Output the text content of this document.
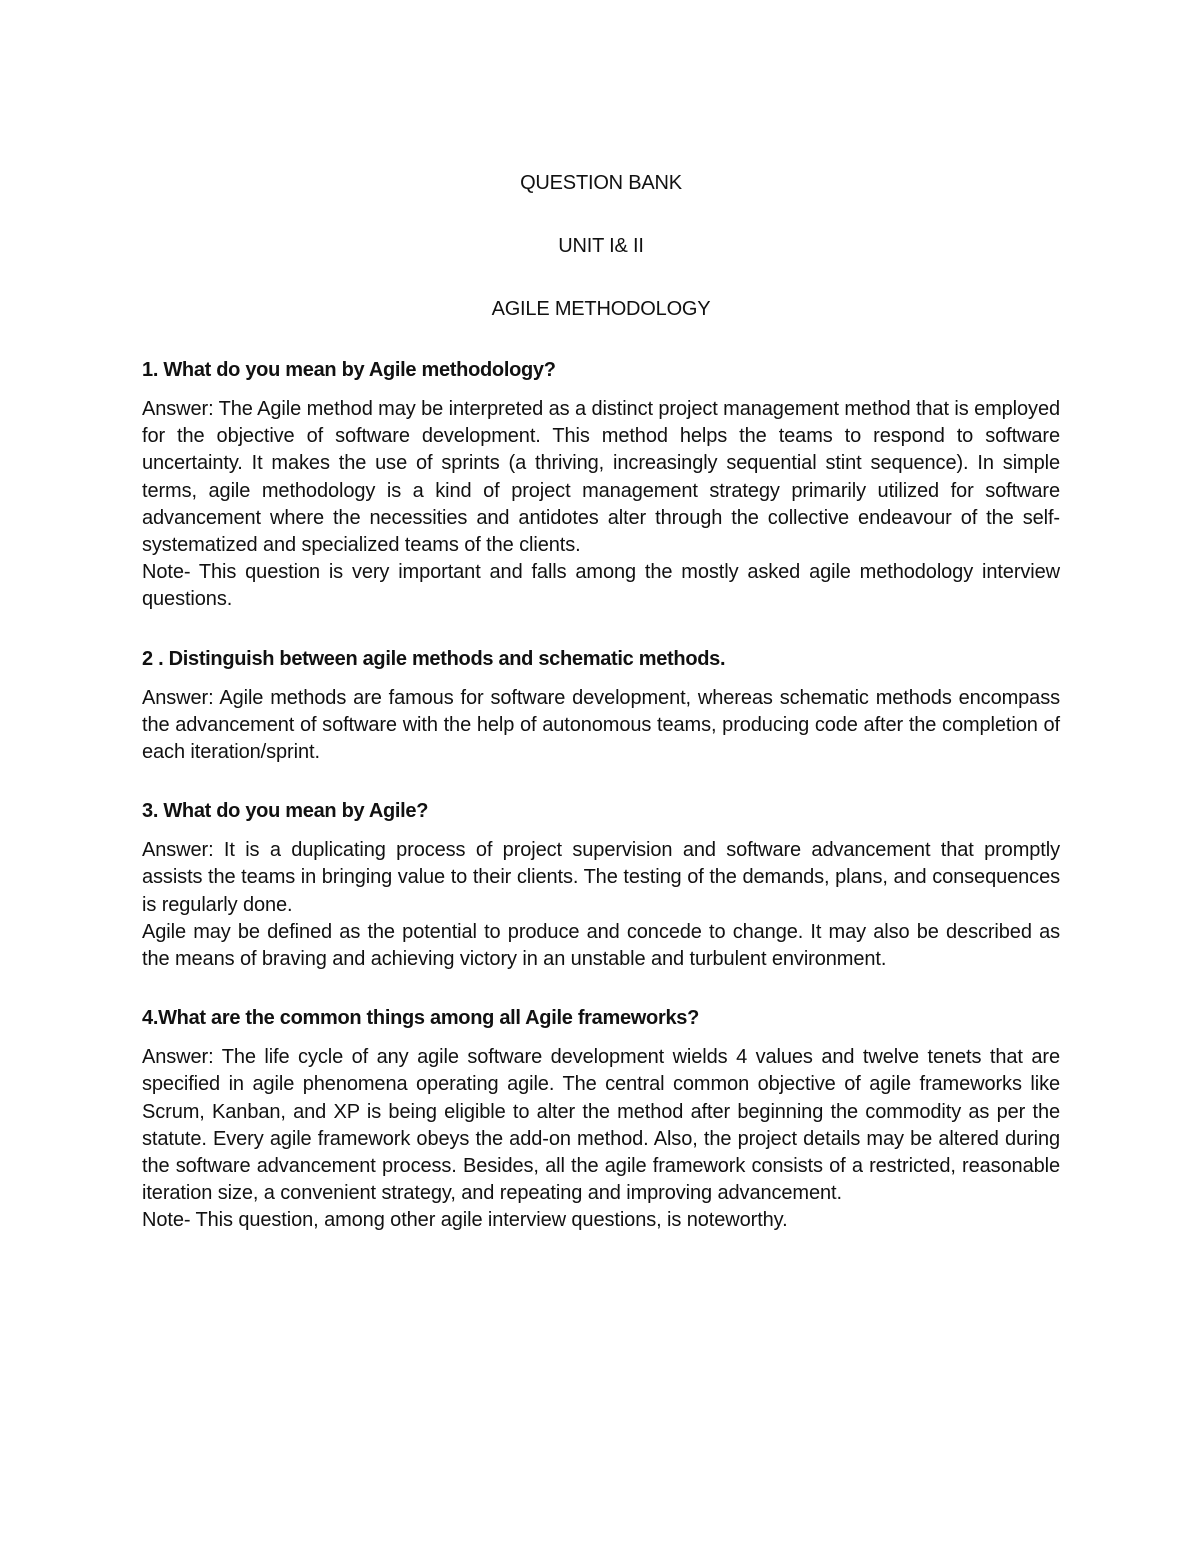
QUESTION BANK

UNIT I& II

AGILE METHODOLOGY

1. What do you mean by Agile methodology?

Answer: The Agile method may be interpreted as a distinct project management method that is employed for the objective of software development. This method helps the teams to respond to software uncertainty. It makes the use of sprints (a thriving, increasingly sequential stint sequence). In simple terms, agile methodology is a kind of project management strategy primarily utilized for software advancement where the necessities and antidotes alter through the collective endeavour of the self-systematized and specialized teams of the clients.

Note- This question is very important and falls among the mostly asked agile methodology interview questions.

2 . Distinguish between agile methods and schematic methods.

Answer: Agile methods are famous for software development, whereas schematic methods encompass the advancement of software with the help of autonomous teams, producing code after the completion of each iteration/sprint.

3. What do you mean by Agile?

Answer: It is a duplicating process of project supervision and software advancement that promptly assists the teams in bringing value to their clients. The testing of the demands, plans, and consequences is regularly done.

Agile may be defined as the potential to produce and concede to change. It may also be described as the means of braving and achieving victory in an unstable and turbulent environment.

4.What are the common things among all Agile frameworks?

Answer: The life cycle of any agile software development wields 4 values and twelve tenets that are specified in agile phenomena operating agile. The central common objective of agile frameworks like Scrum, Kanban, and XP is being eligible to alter the method after beginning the commodity as per the statute. Every agile framework obeys the add-on method. Also, the project details may be altered during the software advancement process. Besides, all the agile framework consists of a restricted, reasonable iteration size, a convenient strategy, and repeating and improving advancement.

Note- This question, among other agile interview questions, is noteworthy.
